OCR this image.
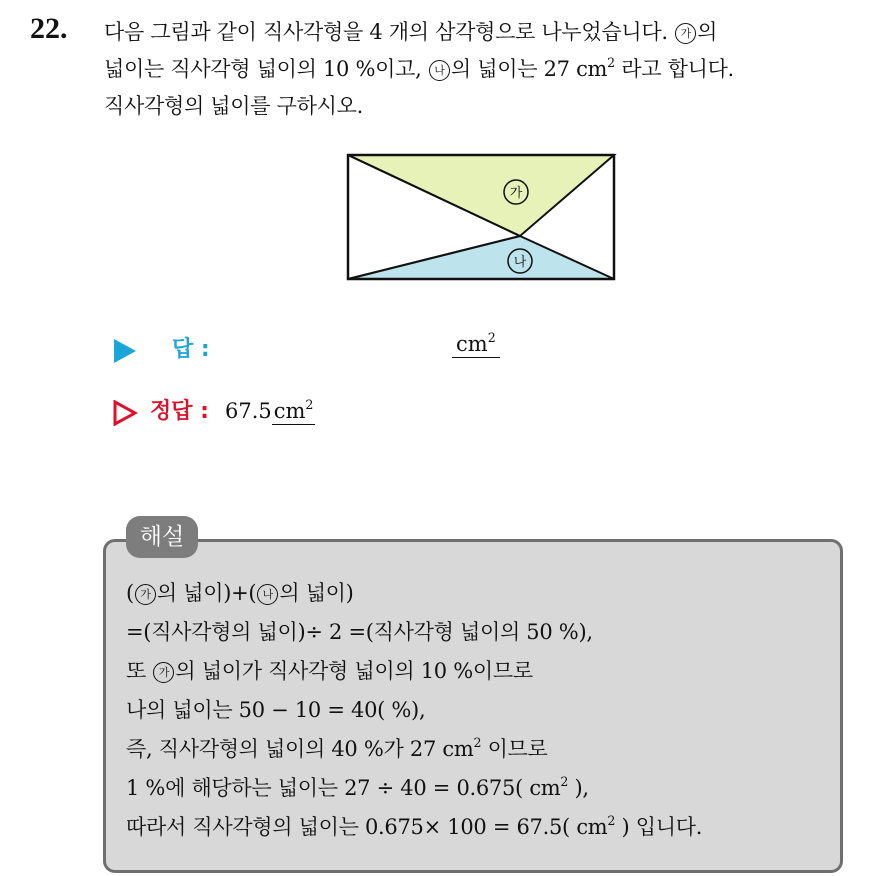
22. 다음 그림과 같이 직사각형을 4 개의 삼각형으로 나누었습니다. 가 의

넓이는 직사각형 넓이의 10 %이고, 나 의 넓이는 27 $cm^2$ 라고 합니다.

직사각형의 넓이를 구하시오.

가
나
답 :	$cm^2$
정답 : $67.5cm^2$
해설

( 가 의 넓이)+( 나 의 넓이)

=(직사각형의 넓이)÷ 2 =(직사각형 넓이의 50 %),

또 가 의 넓이가 직사각형 넓이의 10 %이므로

나의 넓이는 50 − 10 = 40( %),

즉, 직사각형의 넓이의 40 %가 27 $cm^2$ 이므로

1 %에 해당하는 넓이는 27 ÷ 40 = 0.675( $cm^2$ ),

따라서 직사각형의 넓이는 0.675× 100 = 67.5( $cm^2$ ) 입니다.
